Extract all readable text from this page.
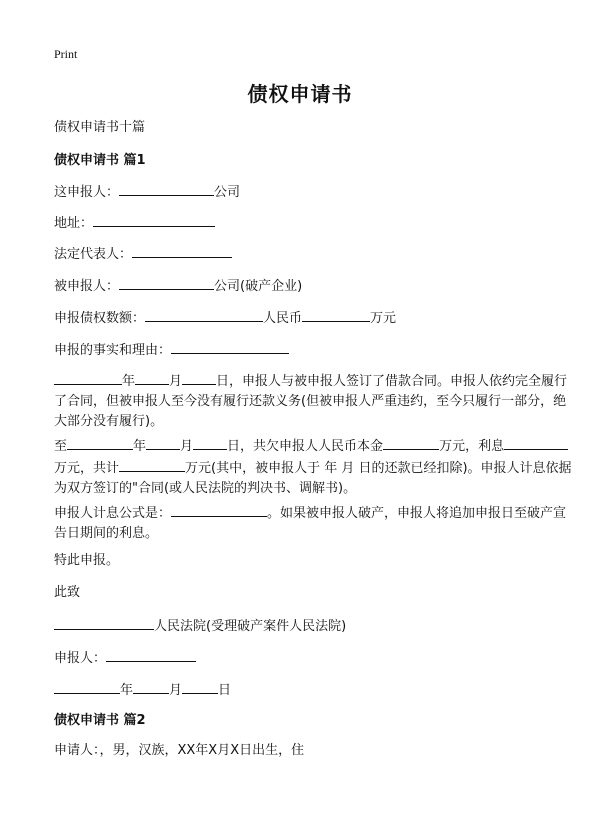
Print
债权申请书
债权申请书十篇
债权申请书 篇1
这申报人：	公司
地址：
法定代表人：
被申报人：	公司(破产企业)
申报债权数额：	人民币	万元
申报的事实和理由：
年	月	日，申报人与被申报人签订了借款合同。申报人依约完全履行了合同，但被申报人至今没有履行还款义务(但被申报人严重违约，至今只履行一部分，绝大部分没有履行)。
至	年	月	日，共欠申报人人民币本金	万元，利息万元，共计	万元(其中，被申报人于 年 月 日的还款已经扣除)。申报人计息依据为双方签订的"合同(或人民法院的判决书、调解书)。
申报人计息公式是：	。如果被申报人破产，申报人将追加申报日至破产宣告日期间的利息。
特此申报。
此致
人民法院(受理破产案件人民法院)
申报人：
年	月	日
债权申请书 篇2
申请人：，男，汉族，XX年X月X日出生，住
